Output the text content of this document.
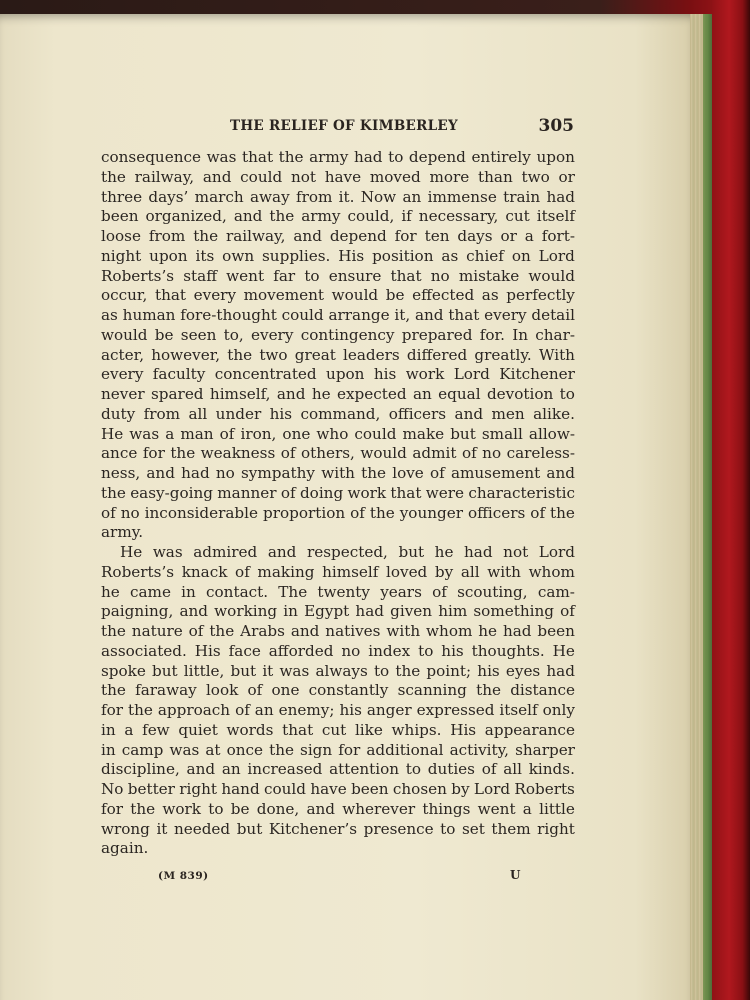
THE RELIEF OF KIMBERLEY	305
consequence was that the army had to depend entirely upon
the railway, and could not have moved more than two or
three days’ march away from it. Now an immense train had
been organized, and the army could, if necessary, cut itself
loose from the railway, and depend for ten days or a fort-
night upon its own supplies. His position as chief on Lord
Roberts’s staff went far to ensure that no mistake would
occur, that every movement would be effected as perfectly
as human fore-thought could arrange it, and that every detail
would be seen to, every contingency prepared for. In char-
acter, however, the two great leaders differed greatly. With
every faculty concentrated upon his work Lord Kitchener
never spared himself, and he expected an equal devotion to
duty from all under his command, officers and men alike.
He was a man of iron, one who could make but small allow-
ance for the weakness of others, would admit of no careless-
ness, and had no sympathy with the love of amusement and
the easy-going manner of doing work that were characteristic
of no inconsiderable proportion of the younger officers of the
army.
He was admired and respected, but he had not Lord
Roberts’s knack of making himself loved by all with whom
he came in contact. The twenty years of scouting, cam-
paigning, and working in Egypt had given him something of
the nature of the Arabs and natives with whom he had been
associated. His face afforded no index to his thoughts. He
spoke but little, but it was always to the point; his eyes had
the faraway look of one constantly scanning the distance
for the approach of an enemy; his anger expressed itself only
in a few quiet words that cut like whips. His appearance
in camp was at once the sign for additional activity, sharper
discipline, and an increased attention to duties of all kinds.
No better right hand could have been chosen by Lord Roberts
for the work to be done, and wherever things went a little
wrong it needed but Kitchener’s presence to set them right
again.
(M 839)	U
